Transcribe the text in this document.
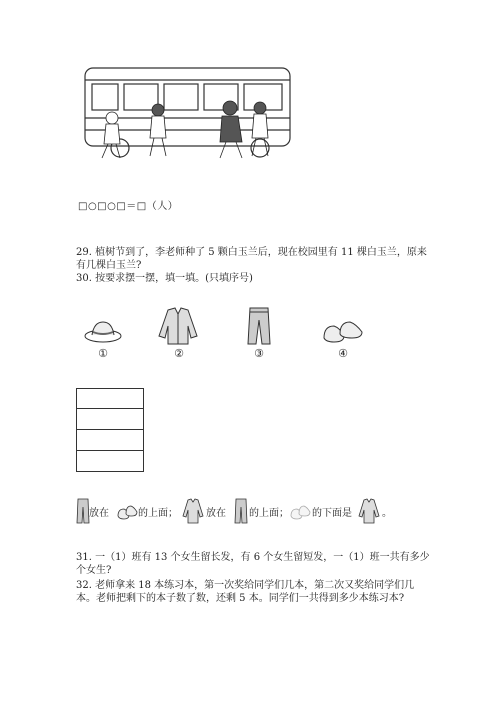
□○□○□＝□（人）
29. 植树节到了，李老师种了 5 颗白玉兰后，现在校园里有 11 棵白玉兰，原来
有几棵白玉兰?
30. 按要求摆一摆，填一填。(只填序号)
①	②	③	④
放在	的上面；	放在 的上面； 的下面是	。
31. 一（1）班有 13 个女生留长发，有 6 个女生留短发，一（1）班一共有多少
个女生?
32. 老师拿来 18 本练习本，第一次奖给同学们几本，第二次又奖给同学们几
本。老师把剩下的本子数了数，还剩 5 本。同学们一共得到多少本练习本?
